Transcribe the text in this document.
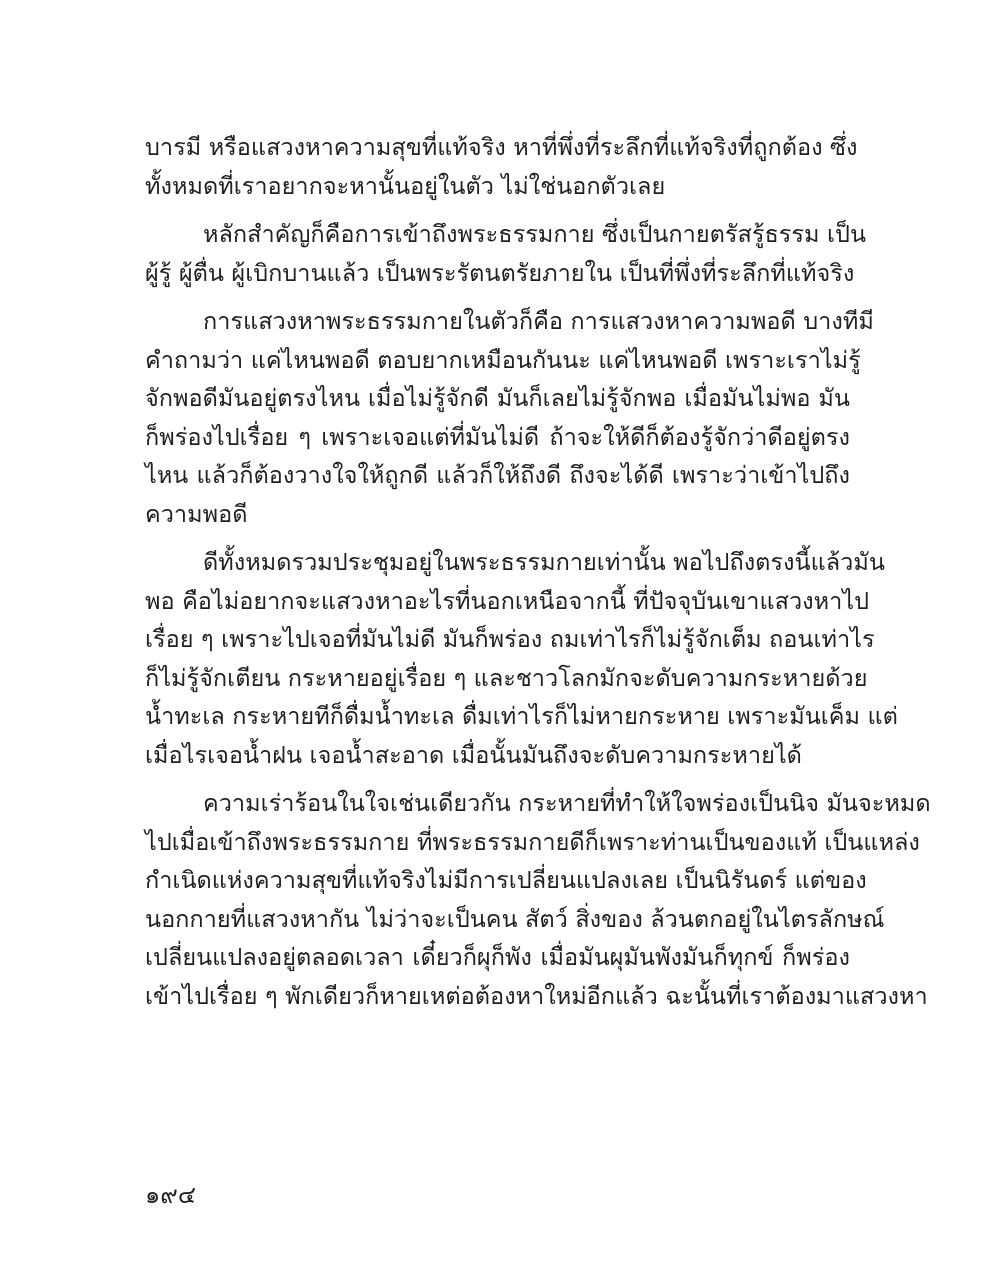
บารมี หรือแสวงหาความสุขที่แท้จริง หาที่พึ่งที่ระลึกที่แท้จริงที่ถูกต้อง ซึ่ง
ทั้งหมดที่เราอยากจะหานั้นอยู่ในตัว ไม่ใช่นอกตัวเลย
หลักสำคัญก็คือการเข้าถึงพระธรรมกาย ซึ่งเป็นกายตรัสรู้ธรรม เป็น
ผู้รู้ ผู้ตื่น ผู้เบิกบานแล้ว เป็นพระรัตนตรัยภายใน เป็นที่พึ่งที่ระลึกที่แท้จริง
การแสวงหาพระธรรมกายในตัวก็คือ การแสวงหาความพอดี บางทีมี
คำถามว่า แค่ไหนพอดี ตอบยากเหมือนกันนะ แค่ไหนพอดี เพราะเราไม่รู้
จักพอดีมันอยู่ตรงไหน เมื่อไม่รู้จักดี มันก็เลยไม่รู้จักพอ เมื่อมันไม่พอ มัน
ก็พร่องไปเรื่อย ๆ เพราะเจอแต่ที่มันไม่ดี ถ้าจะให้ดีก็ต้องรู้จักว่าดีอยู่ตรง
ไหน แล้วก็ต้องวางใจให้ถูกดี แล้วก็ให้ถึงดี ถึงจะได้ดี เพราะว่าเข้าไปถึง
ความพอดี
ดีทั้งหมดรวมประชุมอยู่ในพระธรรมกายเท่านั้น พอไปถึงตรงนี้แล้วมัน
พอ คือไม่อยากจะแสวงหาอะไรที่นอกเหนือจากนี้ ที่ปัจจุบันเขาแสวงหาไป
เรื่อย ๆ เพราะไปเจอที่มันไม่ดี มันก็พร่อง ถมเท่าไรก็ไม่รู้จักเต็ม ถอนเท่าไร
ก็ไม่รู้จักเตียน กระหายอยู่เรื่อย ๆ และชาวโลกมักจะดับความกระหายด้วย
น้ำทะเล กระหายทีก็ดื่มน้ำทะเล ดื่มเท่าไรก็ไม่หายกระหาย เพราะมันเค็ม แต่
เมื่อไรเจอน้ำฝน เจอน้ำสะอาด เมื่อนั้นมันถึงจะดับความกระหายได้
ความเร่าร้อนในใจเช่นเดียวกัน กระหายที่ทำให้ใจพร่องเป็นนิจ มันจะหมด
ไปเมื่อเข้าถึงพระธรรมกาย ที่พระธรรมกายดีก็เพราะท่านเป็นของแท้ เป็นแหล่ง
กำเนิดแห่งความสุขที่แท้จริงไม่มีการเปลี่ยนแปลงเลย เป็นนิรันดร์ แต่ของ
นอกกายที่แสวงหากัน ไม่ว่าจะเป็นคน สัตว์ สิ่งของ ล้วนตกอยู่ในไตรลักษณ์
เปลี่ยนแปลงอยู่ตลอดเวลา เดี๋ยวก็ผุก็พัง เมื่อมันผุมันพังมันก็ทุกข์ ก็พร่อง
เข้าไปเรื่อย ๆ พักเดียวก็หายเหต่อต้องหาใหม่อีกแล้ว ฉะนั้นที่เราต้องมาแสวงหา
๑๙๔
